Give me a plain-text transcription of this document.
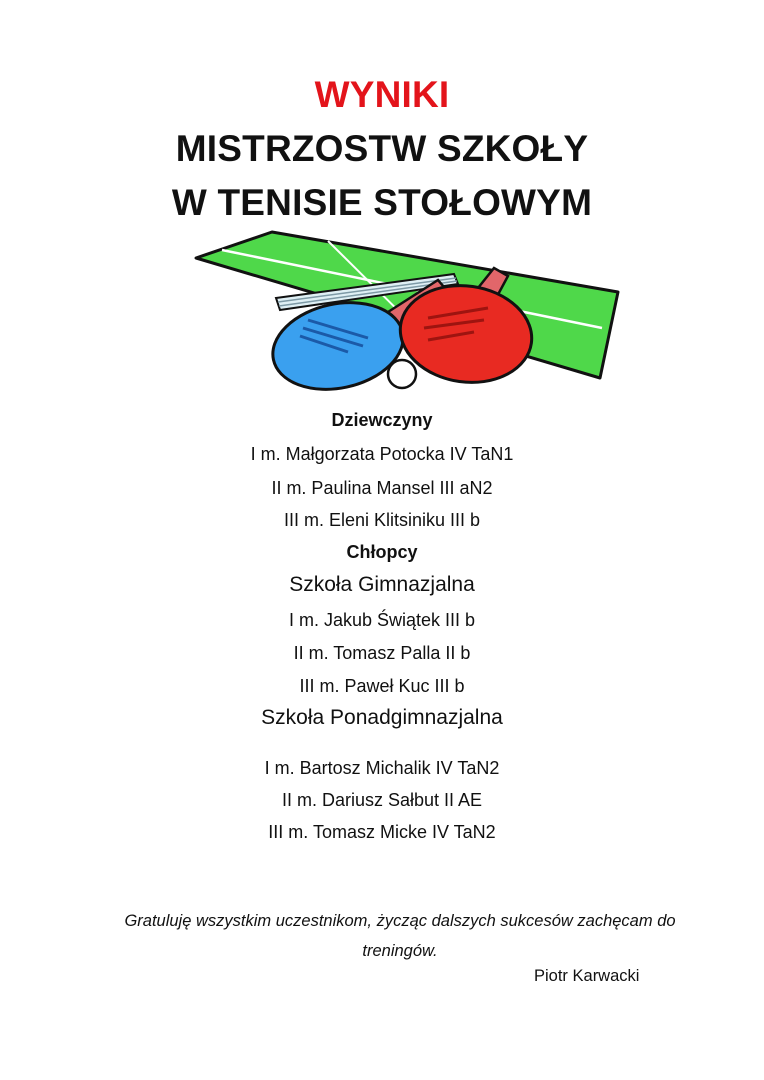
WYNIKI
MISTRZOSTW SZKOŁY
W TENISIE STOŁOWYM
Dziewczyny
I m. Małgorzata Potocka IV TaN1
II m. Paulina Mansel III aN2
III m. Eleni Klitsiniku III b
Chłopcy
Szkoła Gimnazjalna
I m. Jakub Świątek III b
II m. Tomasz Palla II b
III m. Paweł Kuc III b
Szkoła Ponadgimnazjalna
I m. Bartosz Michalik IV TaN2
II m. Dariusz Sałbut II AE
III m. Tomasz Micke IV TaN2
Gratuluję wszystkim uczestnikom, życząc dalszych sukcesów zachęcam do treningów.
Piotr Karwacki
